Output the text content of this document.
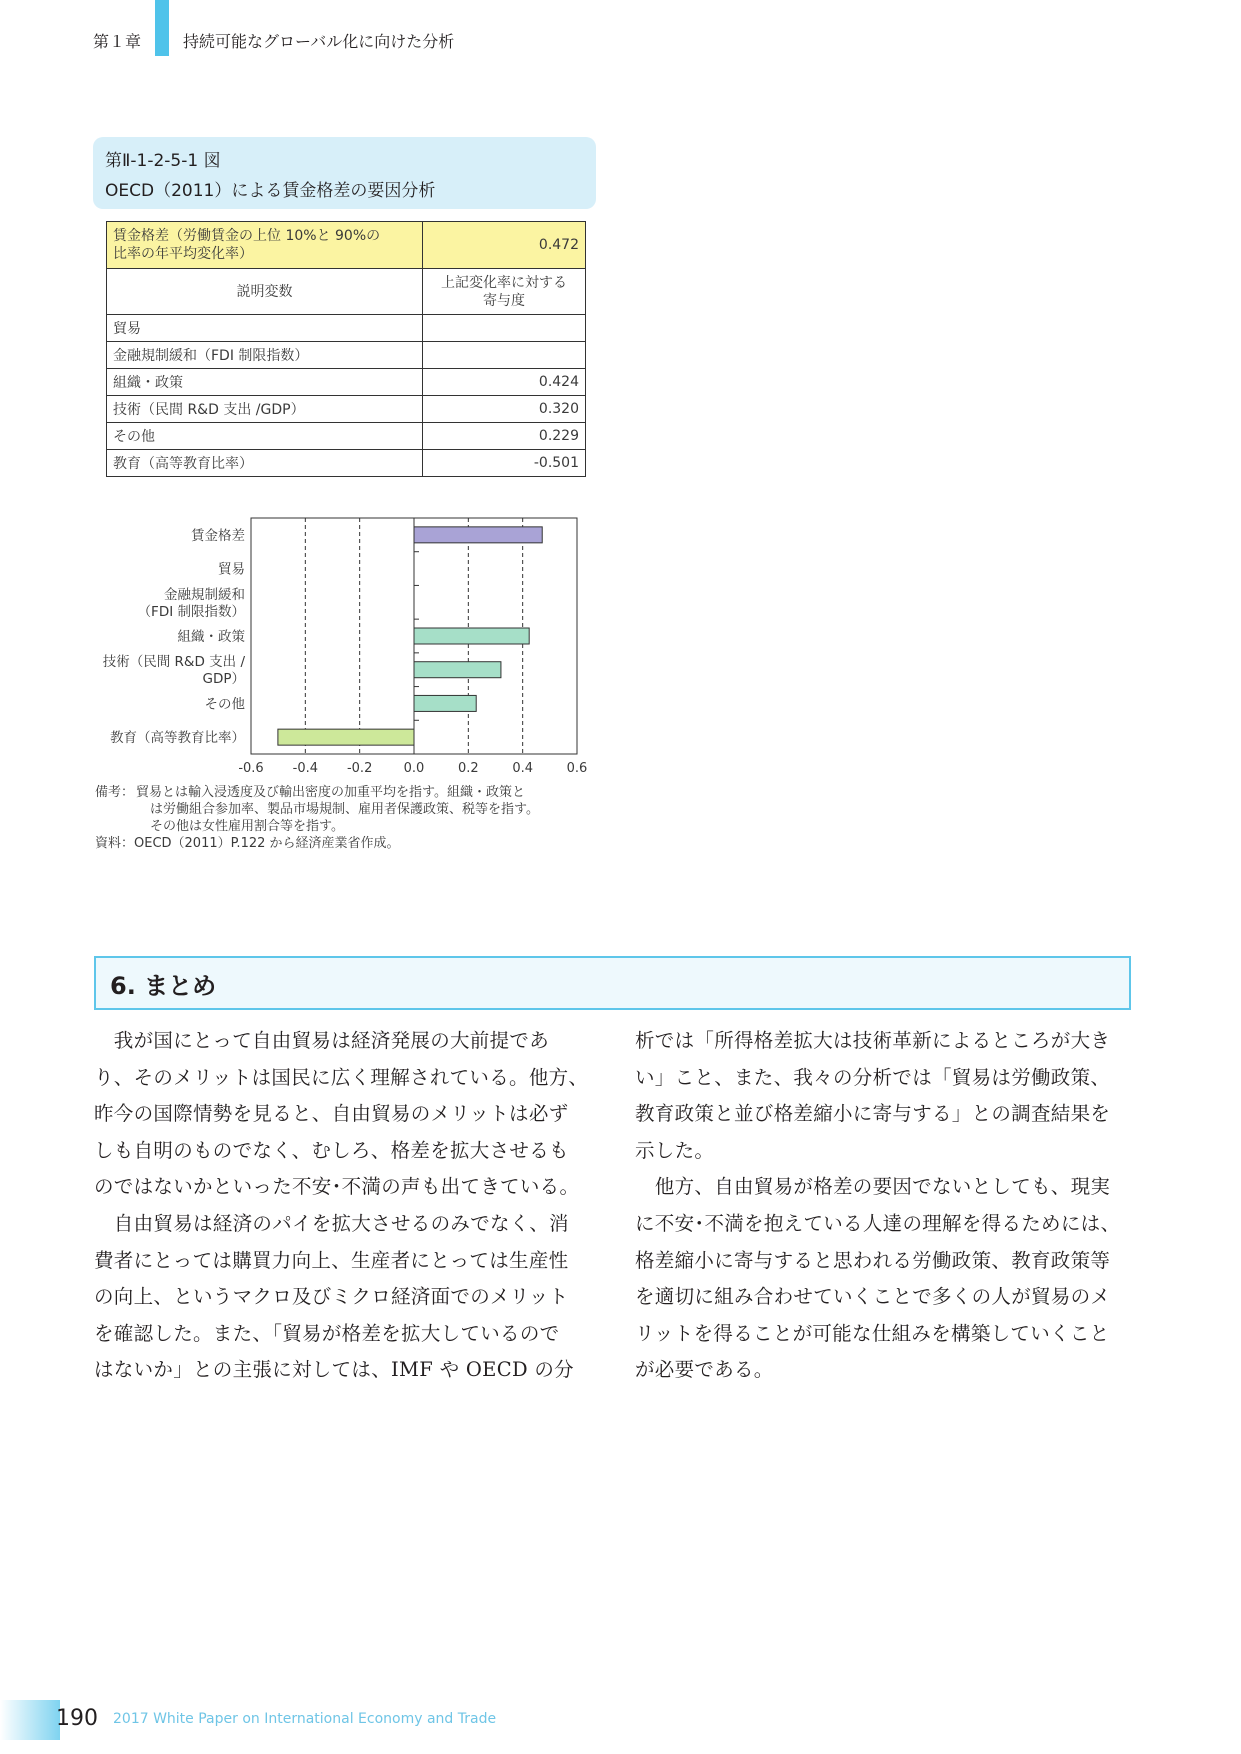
第１章	持続可能なグローバル化に向けた分析
第Ⅱ-1-2-5-1 図
OECD（2011）による賃金格差の要因分析
賃金格差（労働賃金の上位 10%と 90%の
比率の年平均変化率）	0.472
説明変数	上記変化率に対する
寄与度

貿易	
金融規制緩和（FDI 制限指数）	
組織・政策	0.424
技術（民間 R&D 支出 /GDP）	0.320
その他	0.229
教育（高等教育比率）	-0.501
賃金格差
貿易
金融規制緩和
（FDI 制限指数）
組織・政策
技術（民間 R&D 支出 /
GDP）
その他
教育（高等教育比率）
-0.6 -0.4 -0.2 0.0	0.2	0.4	0.6
備考： 貿易とは輸入浸透度及び輸出密度の加重平均を指す。組織・政策と
は労働組合参加率、製品市場規制、雇用者保護政策、税等を指す。
その他は女性雇用割合等を指す。
資料：OECD（2011）P.122 から経済産業省作成。
6. まとめ
　我が国にとって自由貿易は経済発展の大前提であ
り、そのメリットは国民に広く理解されている。他方、
昨今の国際情勢を見ると、自由貿易のメリットは必ず
しも自明のものでなく、むしろ、格差を拡大させるも
のではないかといった不安･不満の声も出てきている。
　自由貿易は経済のパイを拡大させるのみでなく、消
費者にとっては購買力向上、生産者にとっては生産性
の向上、というマクロ及びミクロ経済面でのメリット
を確認した。また、「貿易が格差を拡大しているので
はないか」との主張に対しては、IMF や OECD の分
析では「所得格差拡大は技術革新によるところが大き
い」こと、また、我々の分析では「貿易は労働政策、
教育政策と並び格差縮小に寄与する」との調査結果を
示した。
　他方、自由貿易が格差の要因でないとしても、現実
に不安･不満を抱えている人達の理解を得るためには、
格差縮小に寄与すると思われる労働政策、教育政策等
を適切に組み合わせていくことで多くの人が貿易のメ
リットを得ることが可能な仕組みを構築していくこと
が必要である。
190 2017 White Paper on International Economy and Trade
